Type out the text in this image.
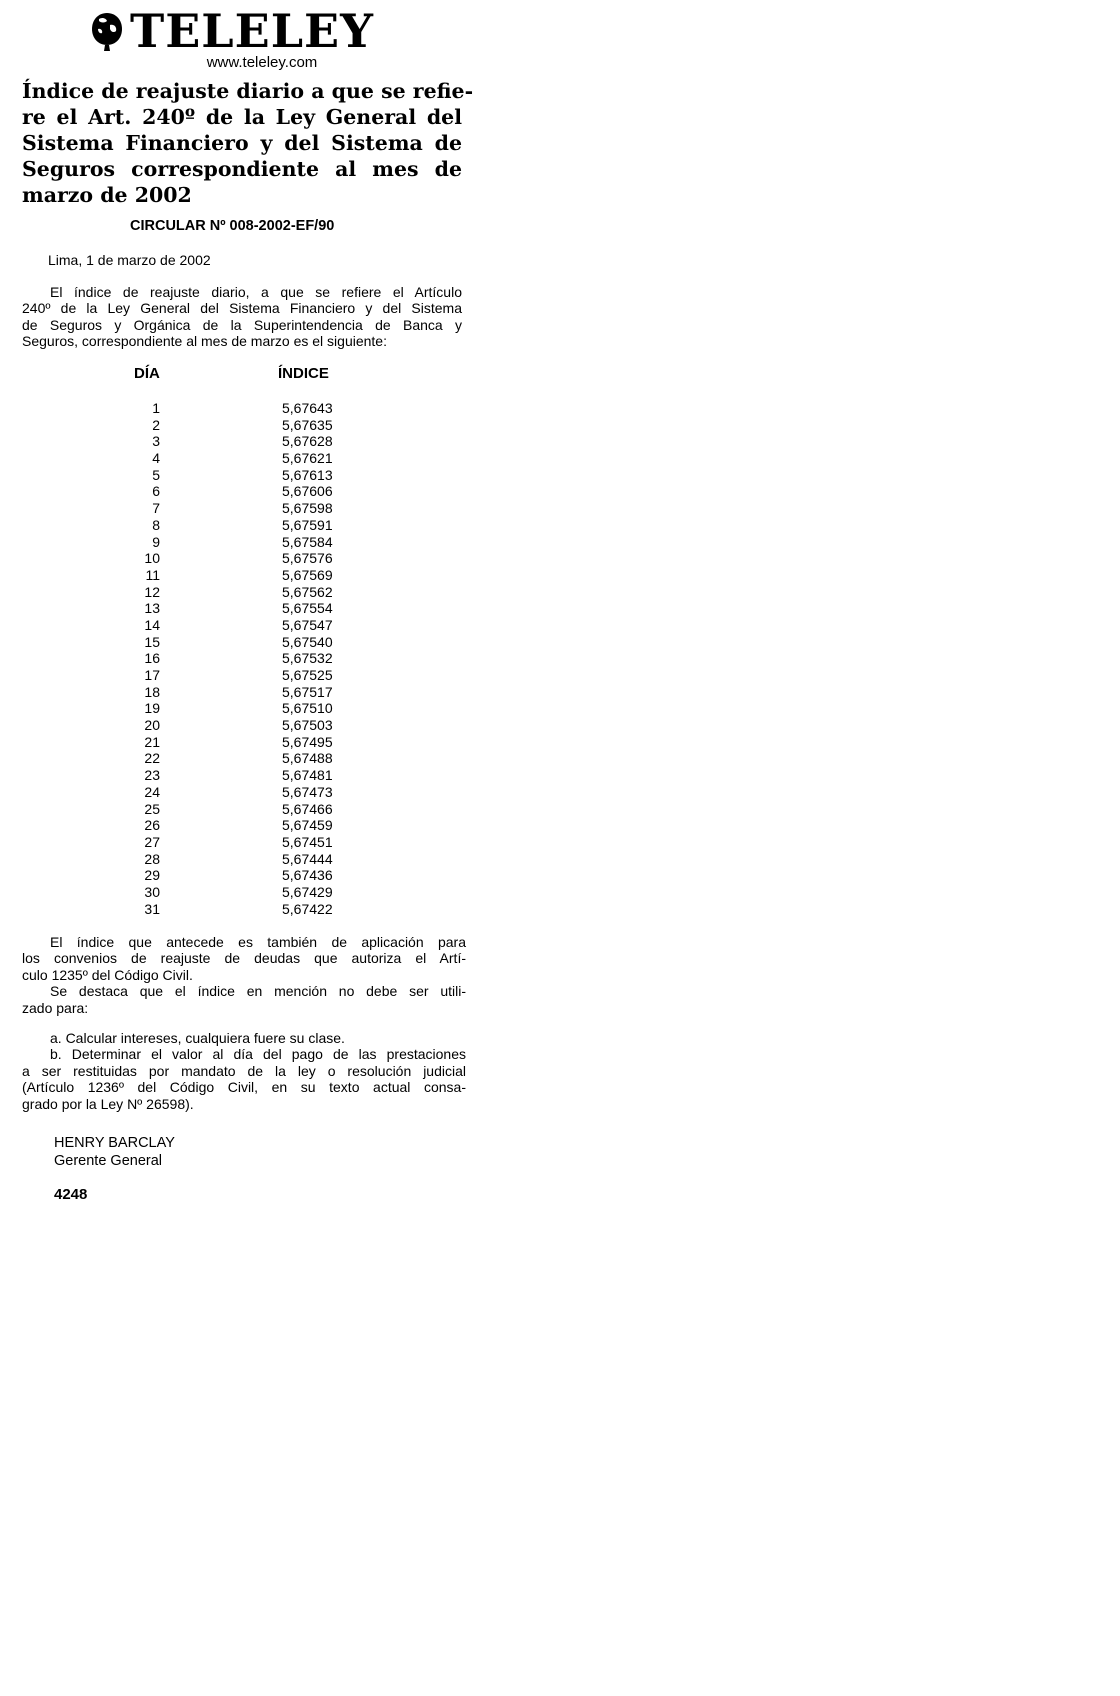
TELELEY
www.teleley.com
Índice de reajuste diario a que se refie-
re el Art. 240º de la Ley General del
Sistema Financiero y del Sistema de
Seguros correspondiente al mes de
marzo de 2002
CIRCULAR Nº 008-2002-EF/90
Lima, 1 de marzo de 2002
El índice de reajuste diario, a que se refiere el Artículo
240º de la Ley General del Sistema Financiero y del Sistema
de Seguros y Orgánica de la Superintendencia de Banca y
Seguros, correspondiente al mes de marzo es el siguiente:
DÍA	ÍNDICE
1	5,67643
2	5,67635
3	5,67628
4	5,67621
5	5,67613
6	5,67606
7	5,67598
8	5,67591
9	5,67584
10	5,67576
11	5,67569
12	5,67562
13	5,67554
14	5,67547
15	5,67540
16	5,67532
17	5,67525
18	5,67517
19	5,67510
20	5,67503
21	5,67495
22	5,67488
23	5,67481
24	5,67473
25	5,67466
26	5,67459
27	5,67451
28	5,67444
29	5,67436
30	5,67429
31	5,67422
El índice que antecede es también de aplicación para
los convenios de reajuste de deudas que autoriza el Artí-
culo 1235º del Código Civil.
Se destaca que el índice en mención no debe ser utili-
zado para:
a. Calcular intereses, cualquiera fuere su clase.
b. Determinar el valor al día del pago de las prestaciones
a ser restituidas por mandato de la ley o resolución judicial
(Artículo 1236º del Código Civil, en su texto actual consa-
grado por la Ley Nº 26598).
HENRY BARCLAY
Gerente General
4248
